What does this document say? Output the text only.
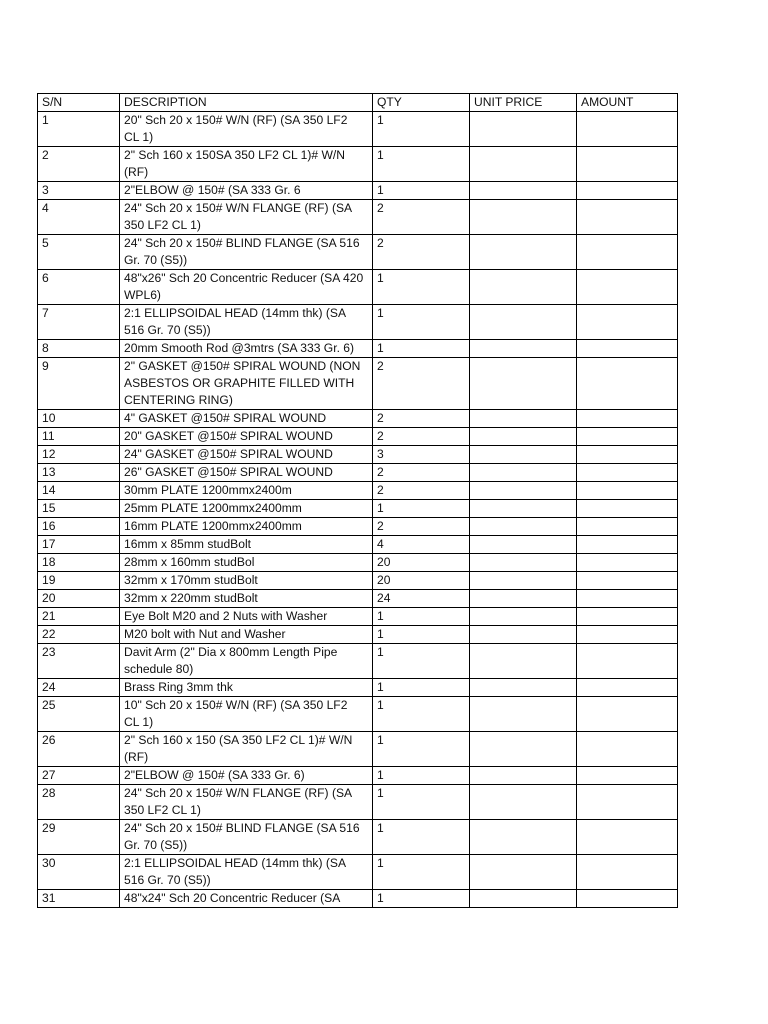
S/N	DESCRIPTION	QTY	UNIT PRICE	AMOUNT
1	20" Sch 20 x 150# W/N (RF) (SA 350 LF2 CL 1)	1		
2	2" Sch 160 x 150SA 350 LF2 CL 1)# W/N (RF)	1		
3	2"ELBOW @ 150# (SA 333 Gr. 6	1		
4	24" Sch 20 x 150# W/N FLANGE (RF) (SA 350 LF2 CL 1)	2		
5	24" Sch 20 x 150# BLIND FLANGE (SA 516 Gr. 70 (S5))	2		
6	48"x26" Sch 20 Concentric Reducer (SA 420 WPL6)	1		
7	2:1 ELLIPSOIDAL HEAD (14mm thk) (SA 516 Gr. 70 (S5))	1		
8	20mm Smooth Rod @3mtrs (SA 333 Gr. 6)	1		
9	2" GASKET @150# SPIRAL WOUND (NON ASBESTOS OR GRAPHITE FILLED WITH CENTERING RING)	2		
10	4" GASKET @150# SPIRAL WOUND	2		
11	20" GASKET @150# SPIRAL WOUND	2		
12	24" GASKET @150# SPIRAL WOUND	3		
13	26" GASKET @150# SPIRAL WOUND	2		
14	30mm PLATE 1200mmx2400m	2		
15	25mm PLATE 1200mmx2400mm	1		
16	16mm PLATE 1200mmx2400mm	2		
17	16mm x 85mm studBolt	4		
18	28mm x 160mm studBol	20		
19	32mm x 170mm studBolt	20		
20	32mm x 220mm studBolt	24		
21	Eye Bolt M20 and 2 Nuts with Washer	1		
22	M20 bolt with Nut and Washer	1		
23	Davit Arm (2" Dia x 800mm Length Pipe schedule 80)	1		
24	Brass Ring 3mm thk	1		
25	10" Sch 20 x 150# W/N (RF) (SA 350 LF2 CL 1)	1		
26	2" Sch 160 x 150 (SA 350 LF2 CL 1)# W/N (RF)	1		
27	2"ELBOW @ 150# (SA 333 Gr. 6)	1		
28	24" Sch 20 x 150# W/N FLANGE (RF) (SA 350 LF2 CL 1)	1		
29	24" Sch 20 x 150# BLIND FLANGE (SA 516 Gr. 70 (S5))	1		
30	2:1 ELLIPSOIDAL HEAD (14mm thk) (SA 516 Gr. 70 (S5))	1		
31	48"x24" Sch 20 Concentric Reducer (SA	1		
